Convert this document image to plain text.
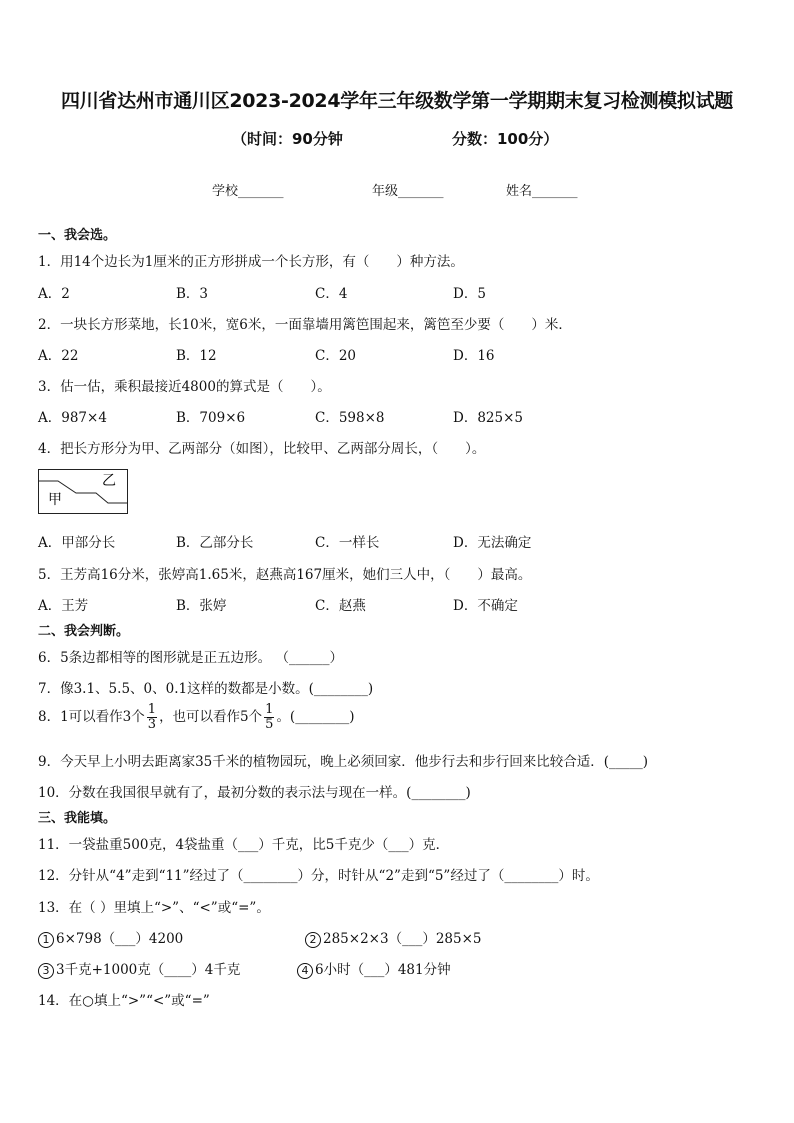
四川省达州市通川区2023-2024学年三年级数学第一学期期末复习检测模拟试题
（时间：90分钟	分数：100分）
学校_______	年级_______	姓名_______
一、我会选。
1．用14个边长为1厘米的正方形拼成一个长方形，有（　　）种方法。
A．2	B．3	C．4	D．5
2．一块长方形菜地，长10米，宽6米，一面靠墙用篱笆围起来，篱笆至少要（　　）米．
A．22	B．12	C．20	D．16
3．估一估，乘积最接近4800的算式是（　　）。
A．987×4	B．709×6	C．598×8	D．825×5
4．把长方形分为甲、乙两部分（如图），比较甲、乙两部分周长，（　　）。
甲
乙
A．甲部分长	B．乙部分长	C．一样长	D．无法确定
5．王芳高16分米，张婷高1.65米，赵燕高167厘米，她们三人中，（　　）最高。
A．王芳	B．张婷	C．赵燕	D．不确定
二、我会判断。
6．5条边都相等的图形就是正五边形。 （______）
7．像3.1、5.5、0、0.1这样的数都是小数。(________)
8．1可以看作3个 $\frac{1}{3}$ ，也可以看作5个 $\frac{1}{5}$ 。(________)
9．今天早上小明去距离家35千米的植物园玩，晚上必须回家．他步行去和步行回来比较合适．(_____)
10．分数在我国很早就有了，最初分数的表示法与现在一样。(________)
三、我能填。
11．一袋盐重500克，4袋盐重（___）千克，比5千克少（___）克．
12．分针从“4”走到“11”经过了（________）分，时针从“2”走到“5”经过了（________）时。
13．在（ ）里填上“>”、“<”或“=”。
1 6×798（___）4200	2 285×2×3（___）285×5
3 3千克+1000克（____）4千克	4 6小时（___）481分钟
14．在○填上“>”“<”或“=”
